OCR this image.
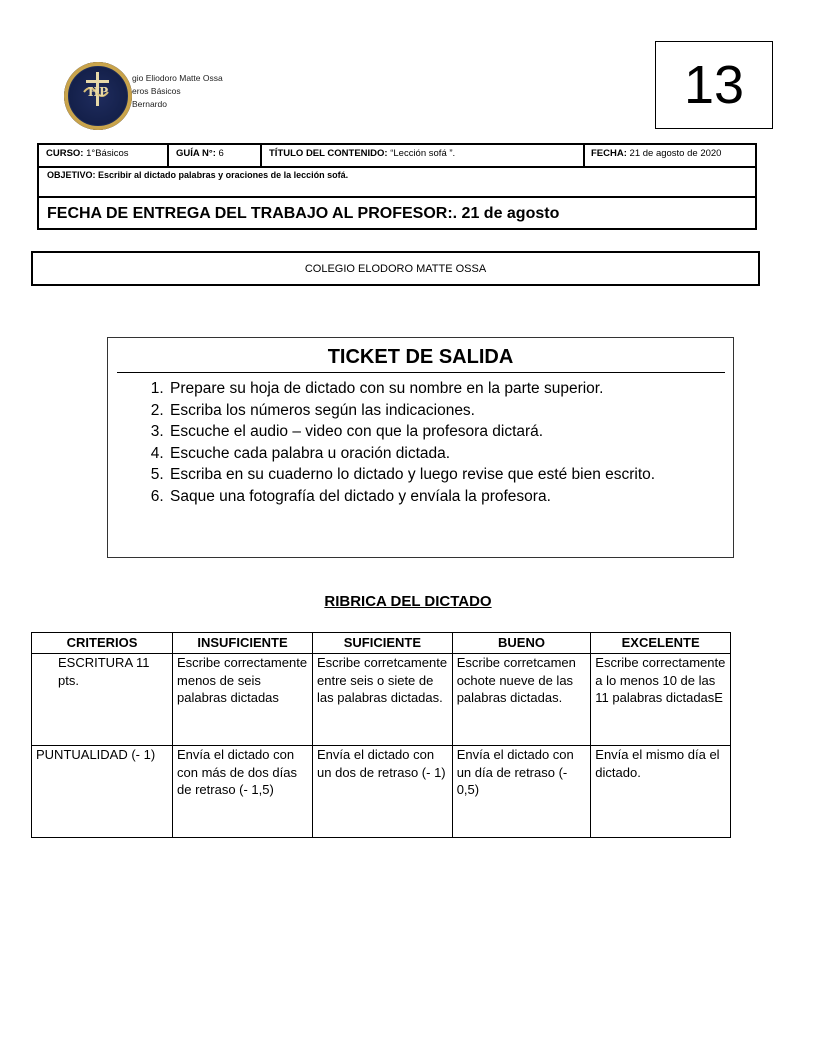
HP
gio Eliodoro Matte Ossa
eros Básicos
Bernardo	13
CURSO: 1°Básicos	GUÍA N°: 6	TÍTULO DEL CONTENIDO: “Lección sofá ”.	FECHA: 21 de agosto de 2020
OBJETIVO: Escribir al dictado palabras y oraciones de la lección sofá.
FECHA DE ENTREGA DEL TRABAJO AL PROFESOR:. 21 de agosto
COLEGIO ELODORO MATTE OSSA
TICKET DE SALIDA
1. Prepare su hoja de dictado con su nombre en la parte superior.
2. Escriba los números según las indicaciones.
3. Escuche el audio – video con que la profesora dictará.
4. Escuche cada palabra u oración dictada.
5. Escriba en su cuaderno lo dictado y luego revise que esté bien escrito.
6. Saque una fotografía del dictado y envíala la profesora.
RIBRICA DEL DICTADO
CRITERIOS	INSUFICIENTE	SUFICIENTE	BUENO	EXCELENTE
ESCRITURA 11 pts.	Escribe correctamente menos de seis palabras dictadas	Escribe corretcamente entre seis o siete de las palabras dictadas.	Escribe corretcamen ochote nueve de las palabras dictadas.	Escribe correctamente a lo menos 10 de las 11 palabras dictadasE
PUNTUALIDAD (- 1)	Envía el dictado con con más de dos días de retraso (- 1,5)	Envía el dictado con un dos de retraso (- 1)	Envía el dictado con un día de retraso (- 0,5)	Envía el mismo día el dictado.
